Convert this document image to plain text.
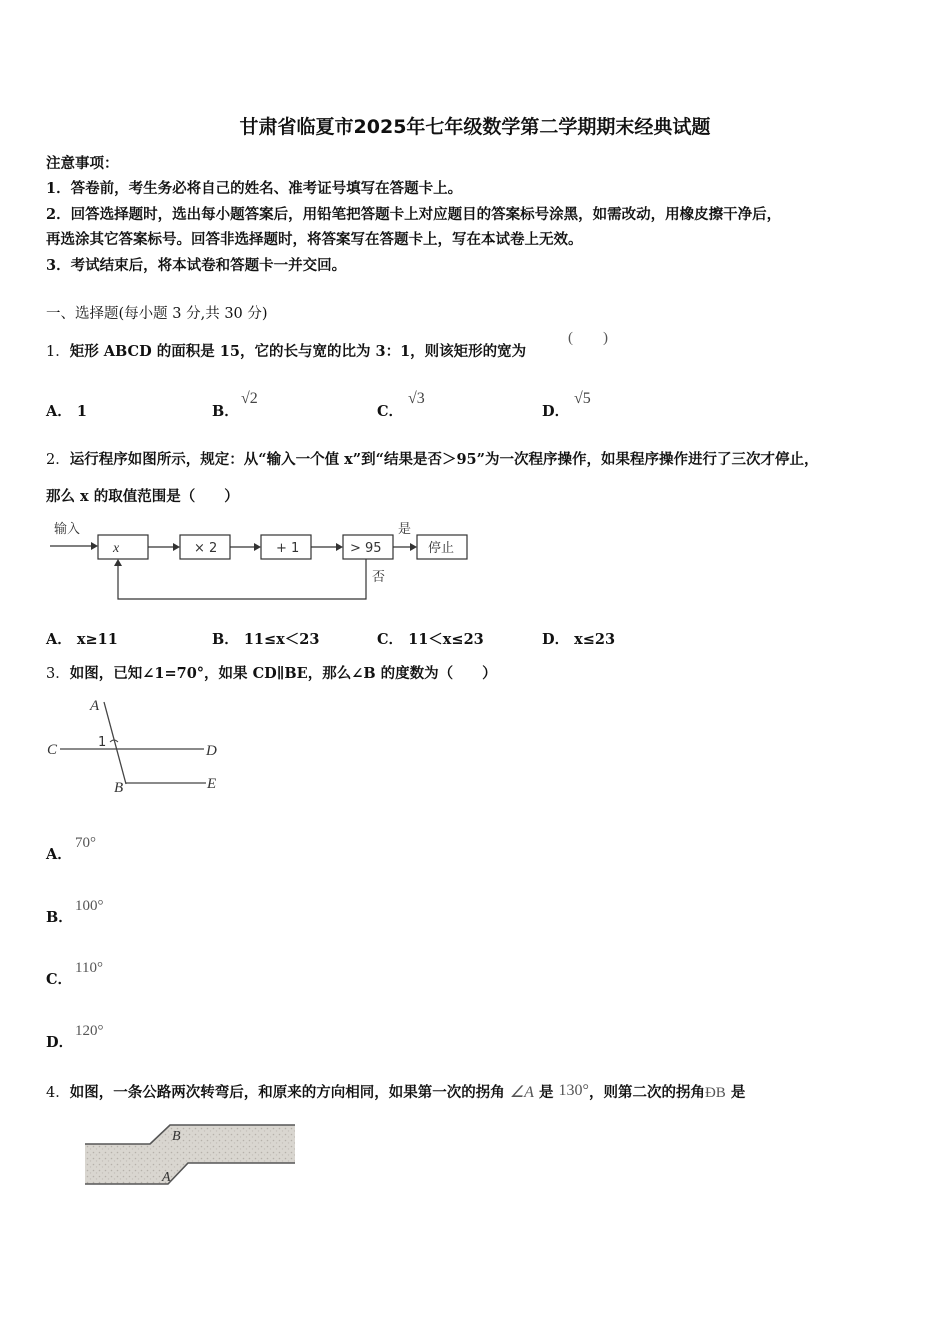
甘肃省临夏市2025年七年级数学第二学期期末经典试题
注意事项：
1．答卷前，考生务必将自己的姓名、准考证号填写在答题卡上。
2．回答选择题时，选出每小题答案后，用铅笔把答题卡上对应题目的答案标号涂黑，如需改动，用橡皮擦干净后，
再选涂其它答案标号。回答非选择题时，将答案写在答题卡上，写在本试卷上无效。
3．考试结束后，将本试卷和答题卡一并交回。
一、选择题(每小题 3 分,共 30 分)
1．矩形 ABCD 的面积是 15，它的长与宽的比为 3：1，则该矩形的宽为
(　　)
A． 1	B．
√2
C．
√3
D．
√5
2．运行程序如图所示，规定：从“输入一个值 x”到“结果是否＞95”为一次程序操作，如果程序操作进行了三次才停止，
那么 x 的取值范围是（　　）
输入
x	× 2	+ 1	> 95
是
停止
否
A． x≥11	B． 11≤x＜23	C． 11＜x≤23	D． x≤23
3．如图，已知∠1=70°，如果 CD∥BE，那么∠B 的度数为（　　）
A
C	1
D
B	E
A．
70°
B．
100°
C．
110°
D．
120°
4．如图，一条公路两次转弯后，和原来的方向相同，如果第一次的拐角 ∠A 是 130°，则第二次的拐角ÐB 是
B
A
